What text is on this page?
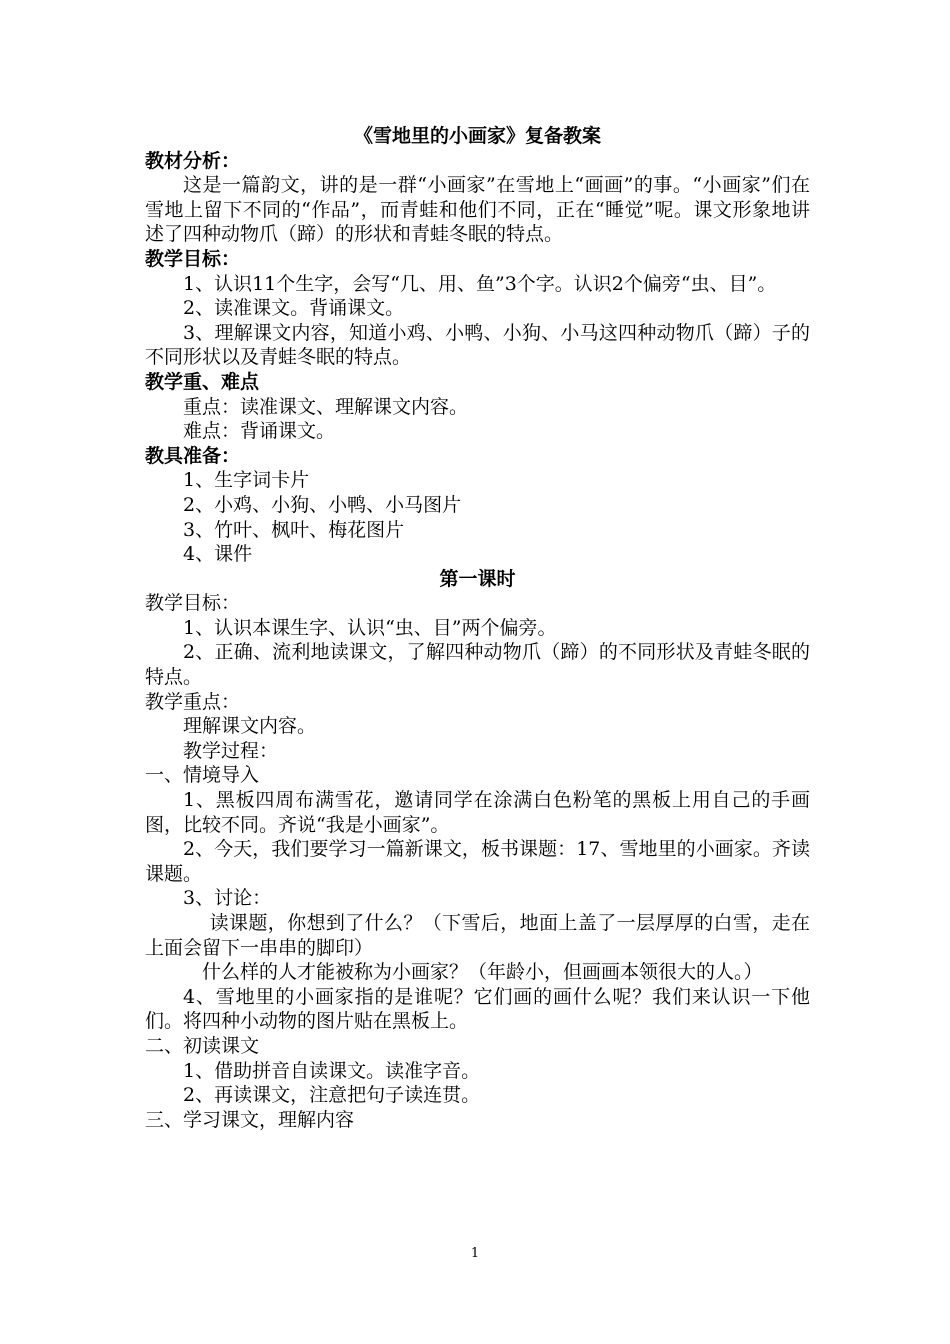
《雪地里的小画家》复备教案

教材分析：

这是一篇韵文，讲的是一群“小画家”在雪地上“画画”的事。“小画家”们在雪地上留下不同的“作品”，而青蛙和他们不同，正在“睡觉”呢。课文形象地讲述了四种动物爪（蹄）的形状和青蛙冬眠的特点。

教学目标：

1、认识11个生字，会写“几、用、鱼”3个字。认识2个偏旁“虫、目”。

2、读准课文。背诵课文。

3、理解课文内容，知道小鸡、小鸭、小狗、小马这四种动物爪（蹄）子的不同形状以及青蛙冬眠的特点。

教学重、难点

重点：读准课文、理解课文内容。

难点：背诵课文。

教具准备：

1、生字词卡片

2、小鸡、小狗、小鸭、小马图片

3、竹叶、枫叶、梅花图片

4、课件

第一课时

教学目标：

1、认识本课生字、认识“虫、目”两个偏旁。

2、正确、流利地读课文，了解四种动物爪（蹄）的不同形状及青蛙冬眠的特点。

教学重点：

理解课文内容。

教学过程：

一、情境导入

1、黑板四周布满雪花，邀请同学在涂满白色粉笔的黑板上用自己的手画图，比较不同。齐说“我是小画家”。

2、今天，我们要学习一篇新课文，板书课题：17、雪地里的小画家。齐读课题。

3、讨论：

读课题，你想到了什么？（下雪后，地面上盖了一层厚厚的白雪，走在上面会留下一串串的脚印）

什么样的人才能被称为小画家？（年龄小，但画画本领很大的人。）

4、雪地里的小画家指的是谁呢？它们画的画什么呢？我们来认识一下他们。将四种小动物的图片贴在黑板上。

二、初读课文

1、借助拼音自读课文。读准字音。

2、再读课文，注意把句子读连贯。

三、学习课文，理解内容

1
